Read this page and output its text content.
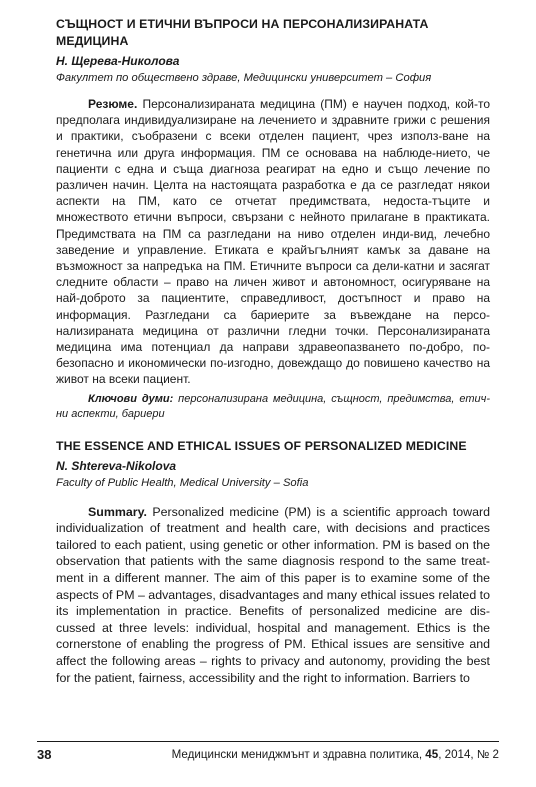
СЪЩНОСТ И ЕТИЧНИ ВЪПРОСИ НА ПЕРСОНАЛИЗИРАНАТА МЕДИЦИНА
Н. Щерева-Николова
Факултет по обществено здраве, Медицински университет – София
Резюме. Персонализираната медицина (ПМ) е научен подход, кой-то предполага индивидуализиране на лечението и здравните грижи с решения и практики, съобразени с всеки отделен пациент, чрез използ-ване на генетична или друга информация. ПМ се основава на наблюде-нието, че пациенти с една и съща диагноза реагират на едно и също лечение по различен начин. Целта на настоящата разработка е да се разгледат някои аспекти на ПМ, като се отчетат предимствата, недоста-тъците и множеството етични въпроси, свързани с нейното прилагане в практиката. Предимствата на ПМ са разгледани на ниво отделен инди-вид, лечебно заведение и управление. Етиката е крайъгълният камък за даване на възможност за напредъка на ПМ. Етичните въпроси са дели-катни и засягат следните области – право на личен живот и автономност, осигуряване на най-доброто за пациентите, справедливост, достъпност и право на информация. Разгледани са бариерите за въвеждане на персо-нализираната медицина от различни гледни точки. Персонализираната медицина има потенциал да направи здравеопазването по-добро, по-безопасно и икономически по-изгодно, довеждащо до повишено качество на живот на всеки пациент.
Ключови думи: персонализирана медицина, същност, предимства, етич-ни аспекти, бариери
THE ESSENCE AND ETHICAL ISSUES OF PERSONALIZED MEDICINE
N. Shtereva-Nikolova
Faculty of Public Health, Medical University – Sofia
Summary. Personalized medicine (PM) is a scientific approach toward individualization of treatment and health care, with decisions and practices tailored to each patient, using genetic or other information. PM is based on the observation that patients with the same diagnosis respond to the same treat-ment in a different manner. The aim of this paper is to examine some of the aspects of PM – advantages, disadvantages and many ethical issues related to its implementation in practice. Benefits of personalized medicine are dis-cussed at three levels: individual, hospital and management. Ethics is the cornerstone of enabling the progress of PM. Ethical issues are sensitive and affect the following areas – rights to privacy and autonomy, providing the best for the patient, fairness, accessibility and the right to information. Barriers to
38	Медицински мениджмънт и здравна политика, 45, 2014, № 2
